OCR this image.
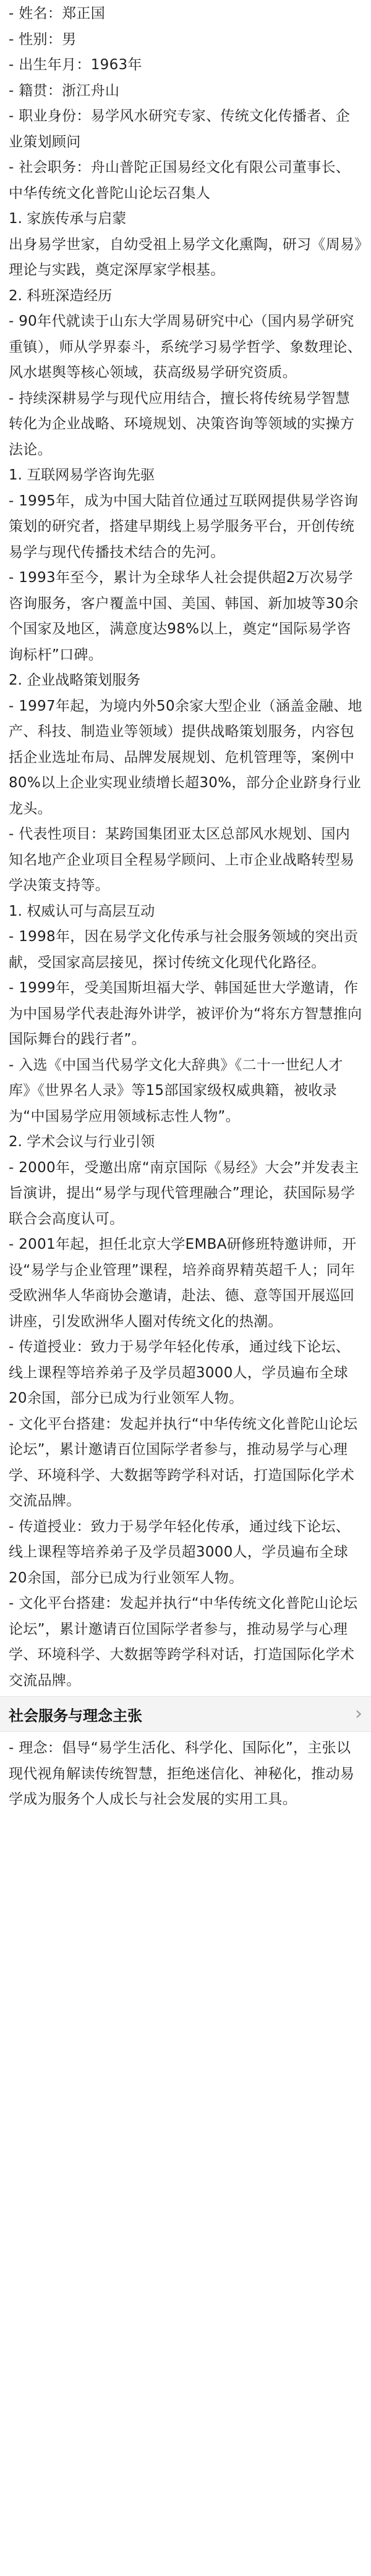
- 姓名：郑正国

- 性别：男

- 出生年月：1963年

- 籍贯：浙江舟山

- 职业身份：易学风水研究专家、传统文化传播者、企业策划顾问

- 社会职务：舟山普陀正国易经文化有限公司董事长、中华传统文化普陀山论坛召集人

1. 家族传承与启蒙

出身易学世家，自幼受祖上易学文化熏陶，研习《周易》理论与实践，奠定深厚家学根基。

2. 科班深造经历

- 90年代就读于山东大学周易研究中心（国内易学研究重镇），师从学界泰斗，系统学习易学哲学、象数理论、风水堪舆等核心领域，获高级易学研究资质。

- 持续深耕易学与现代应用结合，擅长将传统易学智慧转化为企业战略、环境规划、决策咨询等领域的实操方法论。

1. 互联网易学咨询先驱

- 1995年，成为中国大陆首位通过互联网提供易学咨询策划的研究者，搭建早期线上易学服务平台，开创传统易学与现代传播技术结合的先河。

- 1993年至今，累计为全球华人社会提供超2万次易学咨询服务，客户覆盖中国、美国、韩国、新加坡等30余个国家及地区，满意度达98%以上，奠定“国际易学咨询标杆”口碑。

2. 企业战略策划服务

- 1997年起，为境内外50余家大型企业（涵盖金融、地产、科技、制造业等领域）提供战略策划服务，内容包括企业选址布局、品牌发展规划、危机管理等，案例中80%以上企业实现业绩增长超30%，部分企业跻身行业龙头。

- 代表性项目：某跨国集团亚太区总部风水规划、国内知名地产企业项目全程易学顾问、上市企业战略转型易学决策支持等。

1. 权威认可与高层互动

- 1998年，因在易学文化传承与社会服务领域的突出贡献，受国家高层接见，探讨传统文化现代化路径。

- 1999年，受美国斯坦福大学、韩国延世大学邀请，作为中国易学代表赴海外讲学，被评价为“将东方智慧推向国际舞台的践行者”。

- 入选《中国当代易学文化大辞典》《二十一世纪人才库》《世界名人录》等15部国家级权威典籍，被收录为“中国易学应用领域标志性人物”。

2. 学术会议与行业引领

- 2000年，受邀出席“南京国际《易经》大会”并发表主旨演讲，提出“易学与现代管理融合”理论，获国际易学联合会高度认可。

- 2001年起，担任北京大学EMBA研修班特邀讲师，开设“易学与企业管理”课程，培养商界精英超千人；同年受欧洲华人华商协会邀请，赴法、德、意等国开展巡回讲座，引发欧洲华人圈对传统文化的热潮。

- 传道授业：致力于易学年轻化传承，通过线下论坛、线上课程等培养弟子及学员超3000人，学员遍布全球20余国，部分已成为行业领军人物。

- 文化平台搭建：发起并执行“中华传统文化普陀山论坛论坛”，累计邀请百位国际学者参与，推动易学与心理学、环境科学、大数据等跨学科对话，打造国际化学术交流品牌。

- 传道授业：致力于易学年轻化传承，通过线下论坛、线上课程等培养弟子及学员超3000人，学员遍布全球20余国，部分已成为行业领军人物。

- 文化平台搭建：发起并执行“中华传统文化普陀山论坛论坛”，累计邀请百位国际学者参与，推动易学与心理学、环境科学、大数据等跨学科对话，打造国际化学术交流品牌。

社会服务与理念主张	›

- 理念：倡导“易学生活化、科学化、国际化”，主张以现代视角解读传统智慧，拒绝迷信化、神秘化，推动易学成为服务个人成长与社会发展的实用工具。
